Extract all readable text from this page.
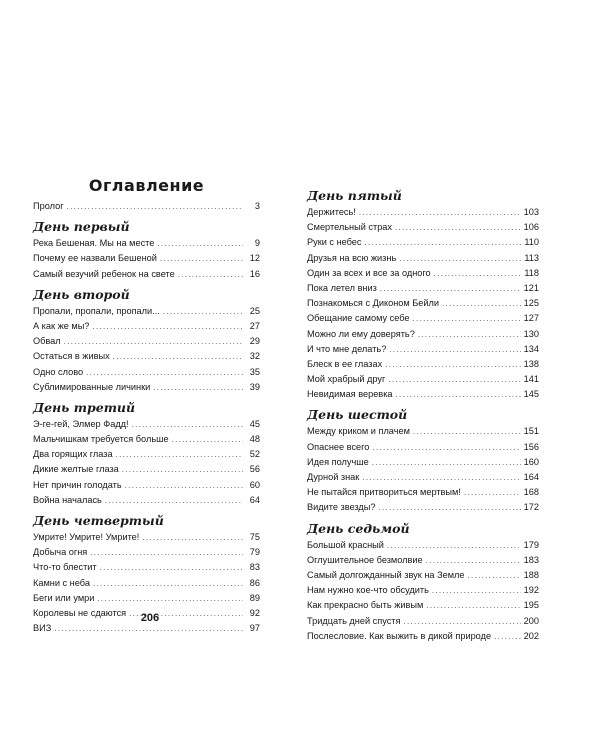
Оглавление
Пролог .....	3
День первый
Река Бешеная. Мы на месте .....	9
Почему ее назвали Бешеной .....	12
Самый везучий ребенок на свете .....	16
День второй
Пропали, пропали, пропали... .....	25
А как же мы? .....	27
Обвал .....	29
Остаться в живых .....	32
Одно слово .....	35
Сублимированные личинки .....	39
День третий
Э-ге-гей, Элмер Фадд! .....	45
Мальчишкам требуется больше .....	48
Два горящих глаза .....	52
Дикие желтые глаза .....	56
Нет причин голодать .....	60
Война началась .....	64
День четвертый
Умрите! Умрите! Умрите! .....	75
Добыча огня .....	79
Что-то блестит .....	83
Камни с неба .....	86
Беги или умри .....	89
Королевы не сдаются .....	92
ВИЗ .....	97
День пятый
Держитесь! .....	103
Смертельный страх .....	106
Руки с небес .....	110
Друзья на всю жизнь .....	113
Один за всех и все за одного .....	118
Пока летел вниз .....	121
Познакомься с Диконом Бейли .....	125
Обещание самому себе .....	127
Можно ли ему доверять? .....	130
И что мне делать? .....	134
Блеск в ее глазах .....	138
Мой храбрый друг .....	141
Невидимая веревка .....	145
День шестой
Между криком и плачем .....	151
Опаснее всего .....	156
Идея получше .....	160
Дурной знак .....	164
Не пытайся притвориться мертвым! .....	168
Видите звезды? .....	172
День седьмой
Большой красный .....	179
Оглушительное безмолвие .....	183
Самый долгожданный звук на Земле .....	188
Нам нужно кое-что обсудить .....	192
Как прекрасно быть живым .....	195
Тридцать дней спустя .....	200
Послесловие. Как выжить в дикой природе .....	202
206
